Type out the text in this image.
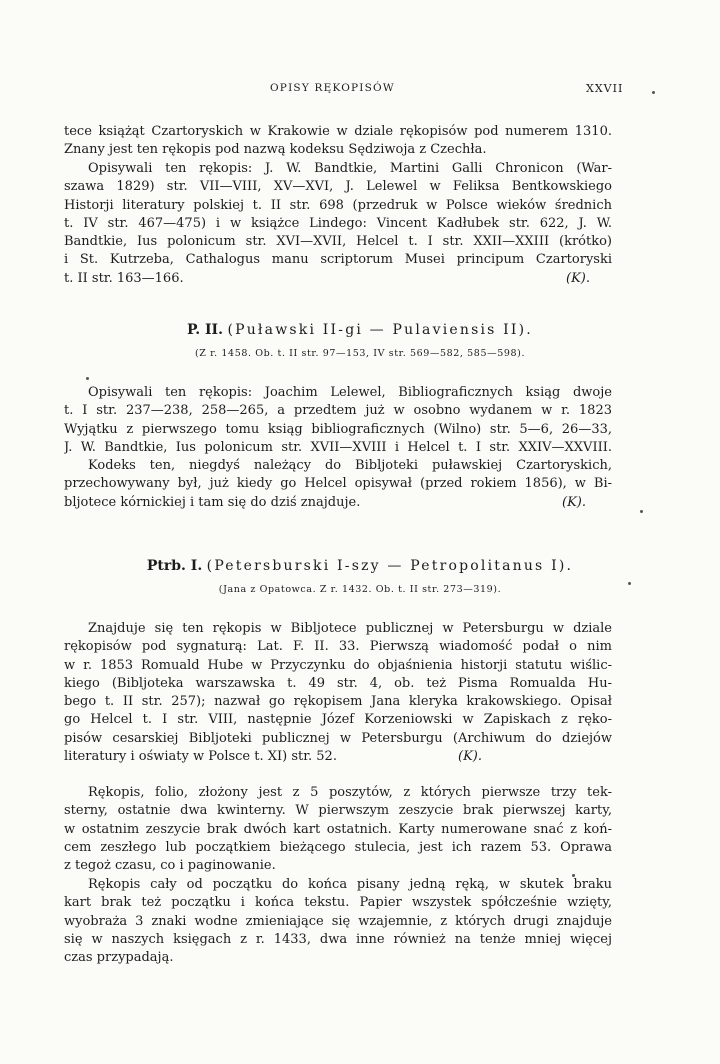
OPISY RĘKOPISÓW	XXVII
tece książąt Czartoryskich w Krakowie w dziale rękopisów pod numerem 1310.
Znany jest ten rękopis pod nazwą kodeksu Sędziwoja z Czechła.
Opisywali ten rękopis: J. W. Bandtkie, Martini Galli Chronicon (War-
szawa 1829) str. VII—VIII, XV—XVI, J. Lelewel w Feliksa Bentkowskiego
Historji literatury polskiej t. II str. 698 (przedruk w Polsce wieków średnich
t. IV str. 467—475) i w książce Lindego: Vincent Kadłubek str. 622, J. W.
Bandtkie, Ius polonicum str. XVI—XVII, Helcel t. I str. XXII—XXIII (krótko)
i St. Kutrzeba, Cathalogus manu scriptorum Musei principum Czartoryski
t. II str. 163—166.	(K).
P. II. (Puławski II-gi — Pulaviensis II).
(Z r. 1458. Ob. t. II str. 97—153, IV str. 569—582, 585—598).
Opisywali ten rękopis: Joachim Lelewel, Bibliograficznych ksiąg dwoje
t. I str. 237—238, 258—265, a przedtem już w osobno wydanem w r. 1823
Wyjątku z pierwszego tomu ksiąg bibliograficznych (Wilno) str. 5—6, 26—33,
J. W. Bandtkie, Ius polonicum str. XVII—XVIII i Helcel t. I str. XXIV—XXVIII.
Kodeks ten, niegdyś należący do Bibljoteki puławskiej Czartoryskich,
przechowywany był, już kiedy go Helcel opisywał (przed rokiem 1856), w Bi-
bljotece kórnickiej i tam się do dziś znajduje.	(K).
Ptrb. I. (Petersburski I-szy — Petropolitanus I).
(Jana z Opatowca. Z r. 1432. Ob. t. II str. 273—319).
Znajduje się ten rękopis w Bibljotece publicznej w Petersburgu w dziale
rękopisów pod sygnaturą: Lat. F. II. 33. Pierwszą wiadomość podał o nim
w r. 1853 Romuald Hube w Przyczynku do objaśnienia historji statutu wiślic-
kiego (Bibljoteka warszawska t. 49 str. 4, ob. też Pisma Romualda Hu-
bego t. II str. 257); nazwał go rękopisem Jana kleryka krakowskiego. Opisał
go Helcel t. I str. VIII, następnie Józef Korzeniowski w Zapiskach z ręko-
pisów cesarskiej Bibljoteki publicznej w Petersburgu (Archiwum do dziejów
literatury i oświaty w Polsce t. XI) str. 52.	(K).
Rękopis, folio, złożony jest z 5 poszytów, z których pierwsze trzy tek-
sterny, ostatnie dwa kwinterny. W pierwszym zeszycie brak pierwszej karty,
w ostatnim zeszycie brak dwóch kart ostatnich. Karty numerowane snać z koń-
cem zeszłego lub początkiem bieżącego stulecia, jest ich razem 53. Oprawa
z tegoż czasu, co i paginowanie.
Rękopis cały od początku do końca pisany jedną ręką, w skutek braku
kart brak też początku i końca tekstu. Papier wszystek spółcześnie wzięty,
wyobraża 3 znaki wodne zmieniające się wzajemnie, z których drugi znajduje
się w naszych księgach z r. 1433, dwa inne również na tenże mniej więcej
czas przypadają.
